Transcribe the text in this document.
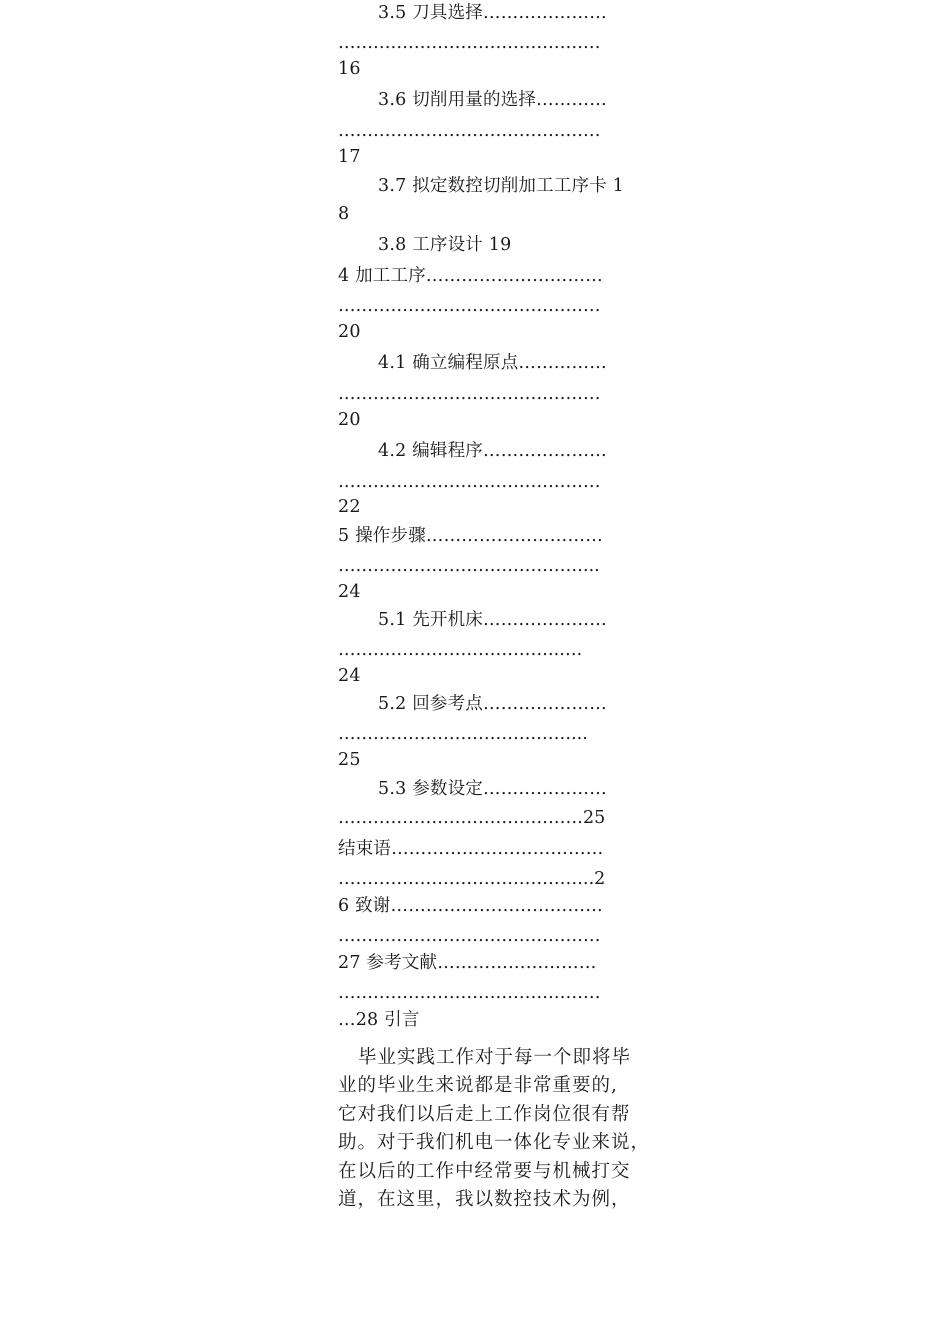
3.5 刀具选择…………………
………………………………………
16
3.6 切削用量的选择…………
………………………………………
17
3.7 拟定数控切削加工工序卡 1
8
3.8 工序设计 19
4 加工工序…………………………
………………………………………
20
4.1 确立编程原点……………
………………………………………
20
4.2 编辑程序…………………
………………………………………
22
5 操作步骤…………………………
……………………………………...
24
5.1 先开机床…………………
………………………………..….
24
5.2 回参考点…………………
…………………………….……...
25
5.3 参数设定…………………
……………………………………25
结束语………………………………
……………………………………..2
6 致谢………………………………
………………………………………
27 参考文献………………………
………………………………………
…28 引言
毕业实践工作对于每一个即将毕
业的毕业生来说都是非常重要的,
它对我们以后走上工作岗位很有帮
助。对于我们机电一体化专业来说，
在以后的工作中经常要与机械打交
道，在这里，我以数控技术为例，
